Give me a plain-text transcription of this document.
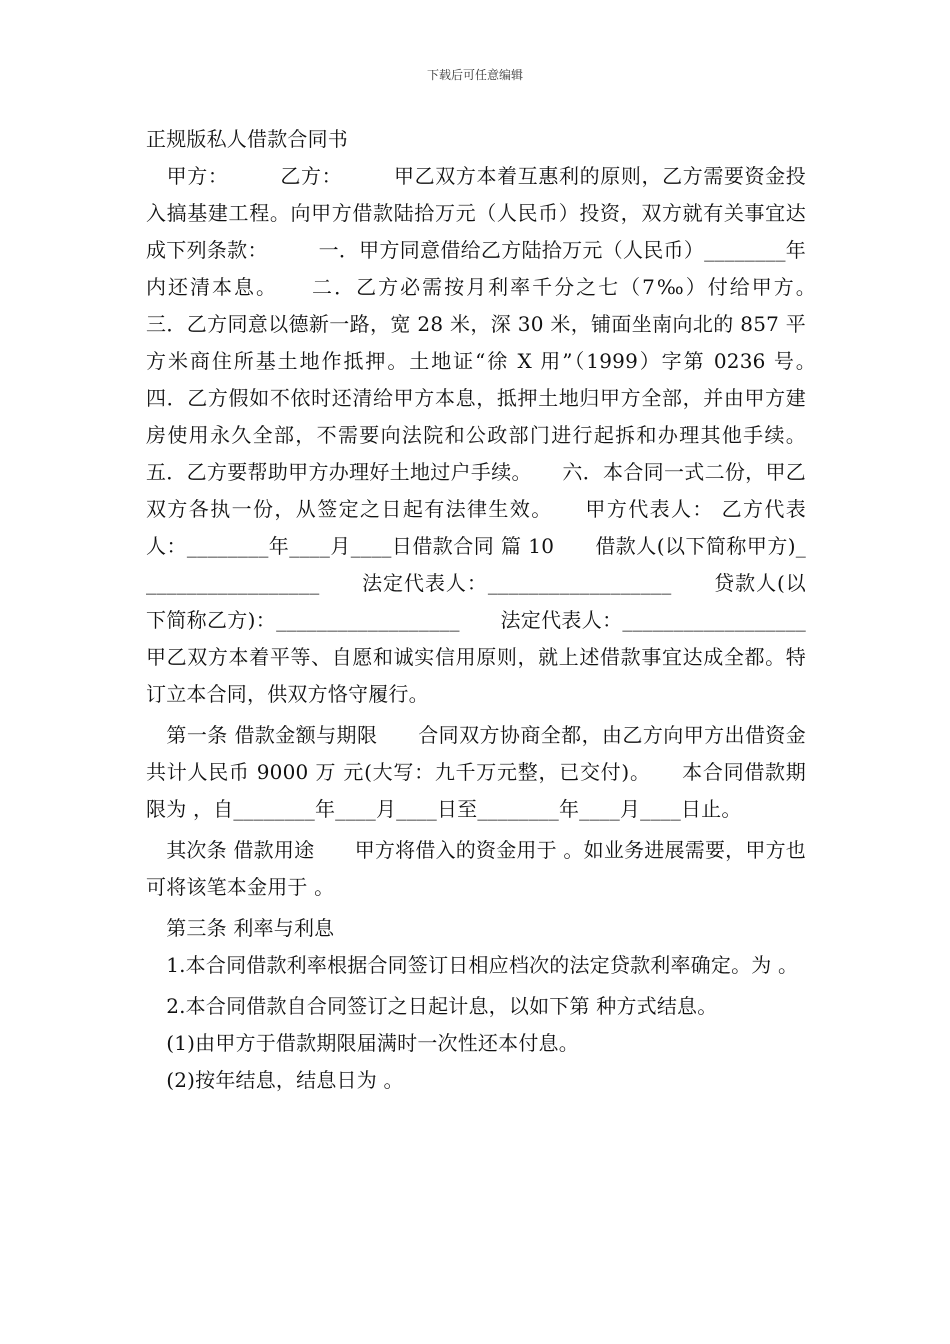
下载后可任意编辑

正规版私人借款合同书

　甲方：　　　乙方：　　　甲乙双方本着互惠利的原则，乙方需要资金投入搞基建工程。向甲方借款陆拾万元（人民币）投资，双方就有关事宜达成下列条款：　　　一．甲方同意借给乙方陆拾万元（人民币）________年内还清本息。　　二．乙方必需按月利率千分之七（7‰）付给甲方。　　三．乙方同意以德新一路，宽 28 米，深 30 米，铺面坐南向北的 857 平方米商住所基土地作抵押。土地证“徐 X 用”（1999）字第 0236 号。　　四．乙方假如不依时还清给甲方本息，抵押土地归甲方全部，并由甲方建房使用永久全部，不需要向法院和公政部门进行起拆和办理其他手续。 五．乙方要帮助甲方办理好土地过户手续。　　六．本合同一式二份，甲乙双方各执一份，从签定之日起有法律生效。　　甲方代表人： 乙方代表人：________年____月____日借款合同 篇 10　　借款人(以下简称甲方)__________________　　法定代表人：__________________　　贷款人(以下简称乙方)：__________________　　法定代表人：__________________　　甲乙双方本着平等、自愿和诚实信用原则，就上述借款事宜达成全都。特订立本合同，供双方恪守履行。

　第一条 借款金额与期限　　合同双方协商全都，由乙方向甲方出借资金共计人民币 9000 万 元(大写：九千万元整，已交付)。　　本合同借款期限为 ，自________年____月____日至________年____月____日止。

　其次条 借款用途　　甲方将借入的资金用于 。如业务进展需要，甲方也可将该笔本金用于 。

　第三条 利率与利息

　1.本合同借款利率根据合同签订日相应档次的法定贷款利率确定。为 。

　2.本合同借款自合同签订之日起计息，以如下第 种方式结息。

　(1)由甲方于借款期限届满时一次性还本付息。

　(2)按年结息，结息日为 。
